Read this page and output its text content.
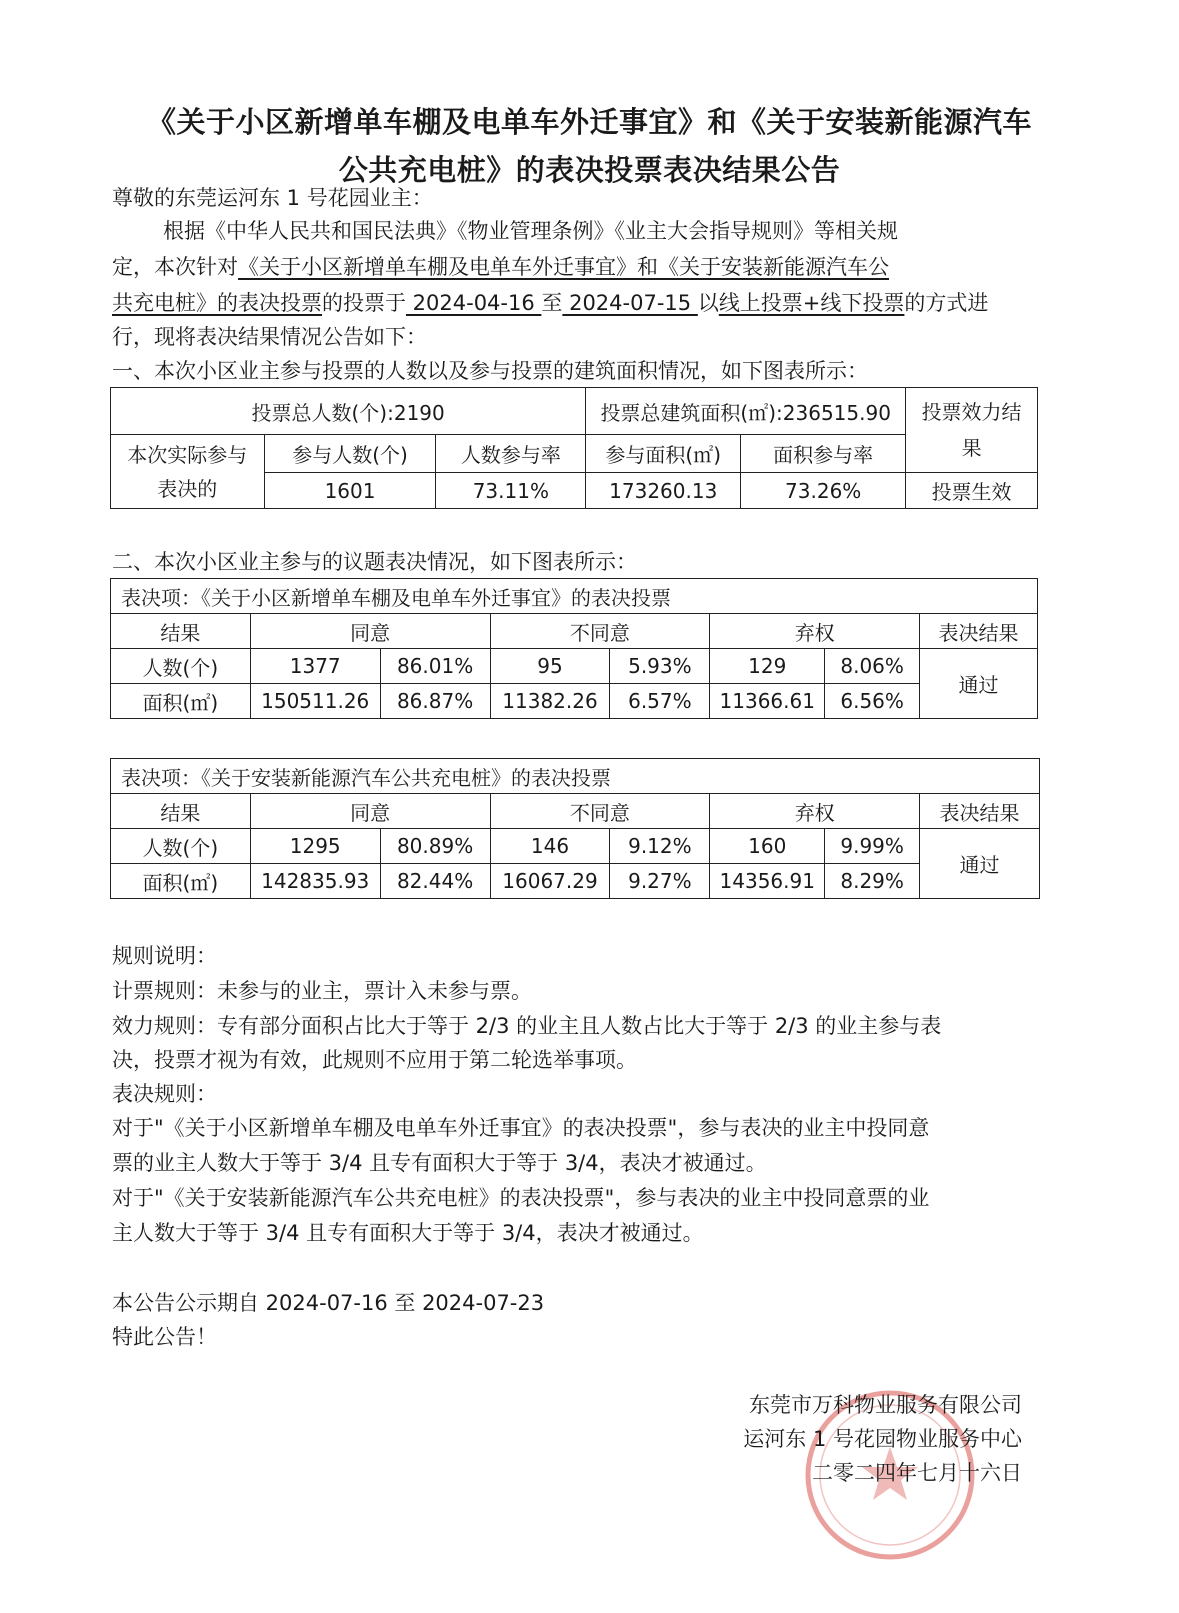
《关于小区新增单车棚及电单车外迁事宜》和《关于安装新能源汽车
公共充电桩》的表决投票表决结果公告
尊敬的东莞运河东 1 号花园业主：
根据《中华人民共和国民法典》《物业管理条例》《业主大会指导规则》等相关规
定，本次针对《关于小区新增单车棚及电单车外迁事宜》和《关于安装新能源汽车公
共充电桩》的表决投票的投票于 2024-04-16 至 2024-07-15 以线上投票+线下投票的方式进
行，现将表决结果情况公告如下：
一、本次小区业主参与投票的人数以及参与投票的建筑面积情况，如下图表所示：
投票总人数(个):2190			投票总建筑面积(㎡):236515.90		投票效力结果
本次实际参与表决的	参与人数(个)	人数参与率	参与面积(㎡)	面积参与率	
	1601	73.11%	173260.13	73.26%	投票生效
二、本次小区业主参与的议题表决情况，如下图表所示：
表决项：《关于小区新增单车棚及电单车外迁事宜》的表决投票							
结果	同意		不同意		弃权		表决结果
人数(个)	1377	86.01%	95	5.93%	129	8.06%	通过
面积(㎡)	150511.26	86.87%	11382.26	6.57%	11366.61	6.56%	
表决项：《关于安装新能源汽车公共充电桩》的表决投票							
结果	同意		不同意		弃权		表决结果
人数(个)	1295	80.89%	146	9.12%	160	9.99%	通过
面积(㎡)	142835.93	82.44%	16067.29	9.27%	14356.91	8.29%	
规则说明：
计票规则：未参与的业主，票计入未参与票。
效力规则：专有部分面积占比大于等于 2/3 的业主且人数占比大于等于 2/3 的业主参与表
决，投票才视为有效，此规则不应用于第二轮选举事项。
表决规则：
对于"《关于小区新增单车棚及电单车外迁事宜》的表决投票"，参与表决的业主中投同意
票的业主人数大于等于 3/4 且专有面积大于等于 3/4，表决才被通过。
对于"《关于安装新能源汽车公共充电桩》的表决投票"，参与表决的业主中投同意票的业
主人数大于等于 3/4 且专有面积大于等于 3/4，表决才被通过。
本公告公示期自 2024-07-16 至 2024-07-23
特此公告！
东莞市万科物业服务有限公司
运河东 1 号花园物业服务中心
二零二四年七月十六日
